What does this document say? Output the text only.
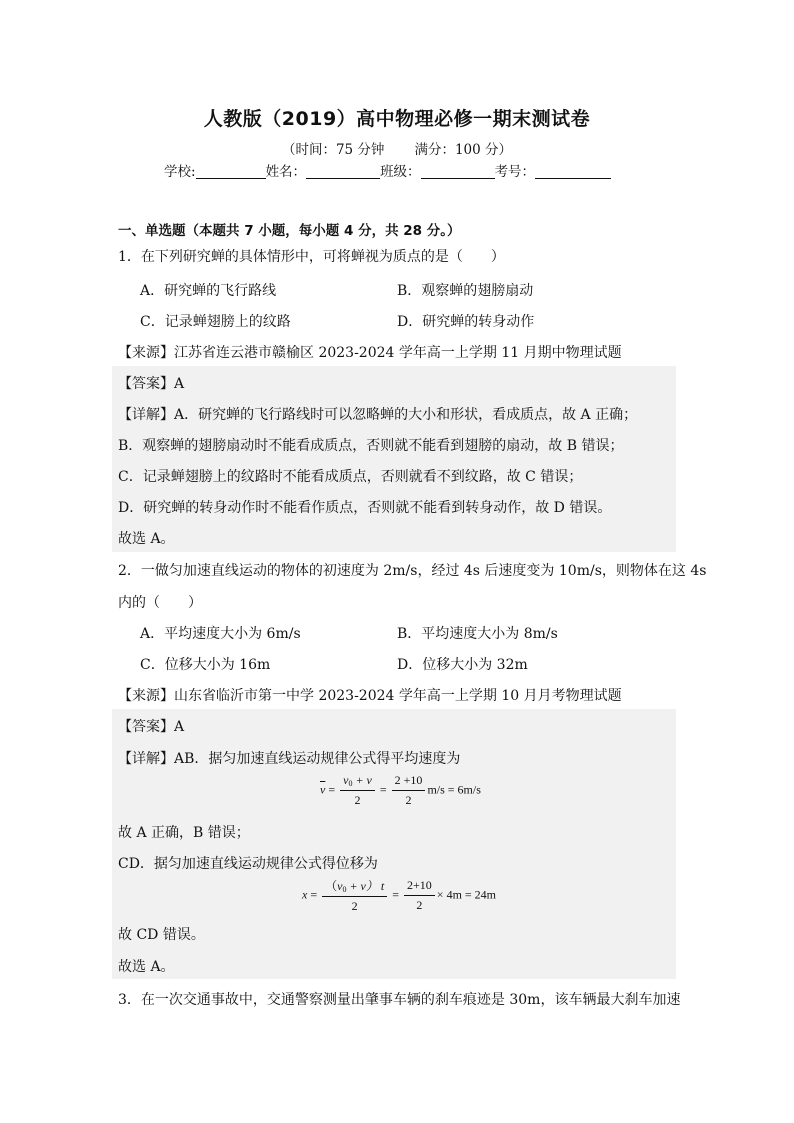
人教版（2019）高中物理必修一期末测试卷
（时间：75 分钟       满分：100 分）
学校:	姓名：	班级：	考号：
一、单选题（本题共 7 小题，每小题 4 分，共 28 分。）
1．在下列研究蝉的具体情形中，可将蝉视为质点的是（　　）
A．研究蝉的飞行路线	B．观察蝉的翅膀扇动
C．记录蝉翅膀上的纹路	D．研究蝉的转身动作
【来源】江苏省连云港市赣榆区 2023-2024 学年高一上学期 11 月期中物理试题
【答案】A
【详解】A．研究蝉的飞行路线时可以忽略蝉的大小和形状，看成质点，故 A 正确；
B．观察蝉的翅膀扇动时不能看成质点，否则就不能看到翅膀的扇动，故 B 错误；
C．记录蝉翅膀上的纹路时不能看成质点，否则就看不到纹路，故 C 错误；
D．研究蝉的转身动作时不能看作质点，否则就不能看到转身动作，故 D 错误。
故选 A。
2．一做匀加速直线运动的物体的初速度为 2m/s，经过 4s 后速度变为 10m/s，则物体在这 4s
内的（　　）
A．平均速度大小为 6m/s	B．平均速度大小为 8m/s
C．位移大小为 16m	D．位移大小为 32m
【来源】山东省临沂市第一中学 2023-2024 学年高一上学期 10 月月考物理试题
【答案】A
【详解】AB．据匀加速直线运动规律公式得平均速度为
$\overline{v} = \frac{v_0 + v}{2} = \frac{2 +10}{2} m/s = 6m/s$
故 A 正确，B 错误；
CD．据匀加速直线运动规律公式得位移为
$x = \frac{(v_0 + v) t}{2} = \frac{2+10}{2} \times 4m = 24m$
故 CD 错误。
故选 A。
3．在一次交通事故中，交通警察测量出肇事车辆的刹车痕迹是 30m，该车辆最大刹车加速
